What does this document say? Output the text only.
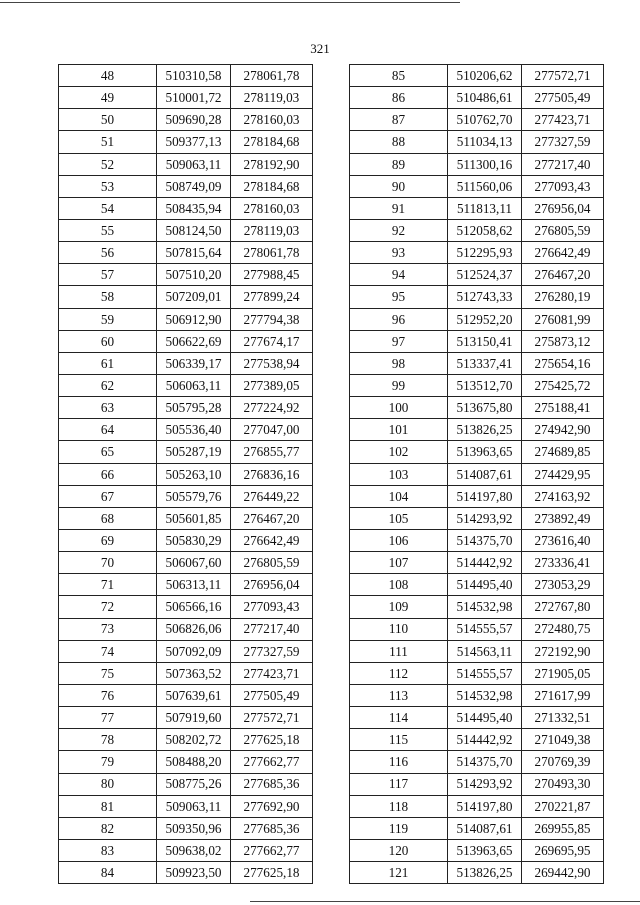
321
48	510310,58	278061,78
49	510001,72	278119,03
50	509690,28	278160,03
51	509377,13	278184,68
52	509063,11	278192,90
53	508749,09	278184,68
54	508435,94	278160,03
55	508124,50	278119,03
56	507815,64	278061,78
57	507510,20	277988,45
58	507209,01	277899,24
59	506912,90	277794,38
60	506622,69	277674,17
61	506339,17	277538,94
62	506063,11	277389,05
63	505795,28	277224,92
64	505536,40	277047,00
65	505287,19	276855,77
66	505263,10	276836,16
67	505579,76	276449,22
68	505601,85	276467,20
69	505830,29	276642,49
70	506067,60	276805,59
71	506313,11	276956,04
72	506566,16	277093,43
73	506826,06	277217,40
74	507092,09	277327,59
75	507363,52	277423,71
76	507639,61	277505,49
77	507919,60	277572,71
78	508202,72	277625,18
79	508488,20	277662,77
80	508775,26	277685,36
81	509063,11	277692,90
82	509350,96	277685,36
83	509638,02	277662,77
84	509923,50	277625,18
85	510206,62	277572,71
86	510486,61	277505,49
87	510762,70	277423,71
88	511034,13	277327,59
89	511300,16	277217,40
90	511560,06	277093,43
91	511813,11	276956,04
92	512058,62	276805,59
93	512295,93	276642,49
94	512524,37	276467,20
95	512743,33	276280,19
96	512952,20	276081,99
97	513150,41	275873,12
98	513337,41	275654,16
99	513512,70	275425,72
100	513675,80	275188,41
101	513826,25	274942,90
102	513963,65	274689,85
103	514087,61	274429,95
104	514197,80	274163,92
105	514293,92	273892,49
106	514375,70	273616,40
107	514442,92	273336,41
108	514495,40	273053,29
109	514532,98	272767,80
110	514555,57	272480,75
111	514563,11	272192,90
112	514555,57	271905,05
113	514532,98	271617,99
114	514495,40	271332,51
115	514442,92	271049,38
116	514375,70	270769,39
117	514293,92	270493,30
118	514197,80	270221,87
119	514087,61	269955,85
120	513963,65	269695,95
121	513826,25	269442,90
